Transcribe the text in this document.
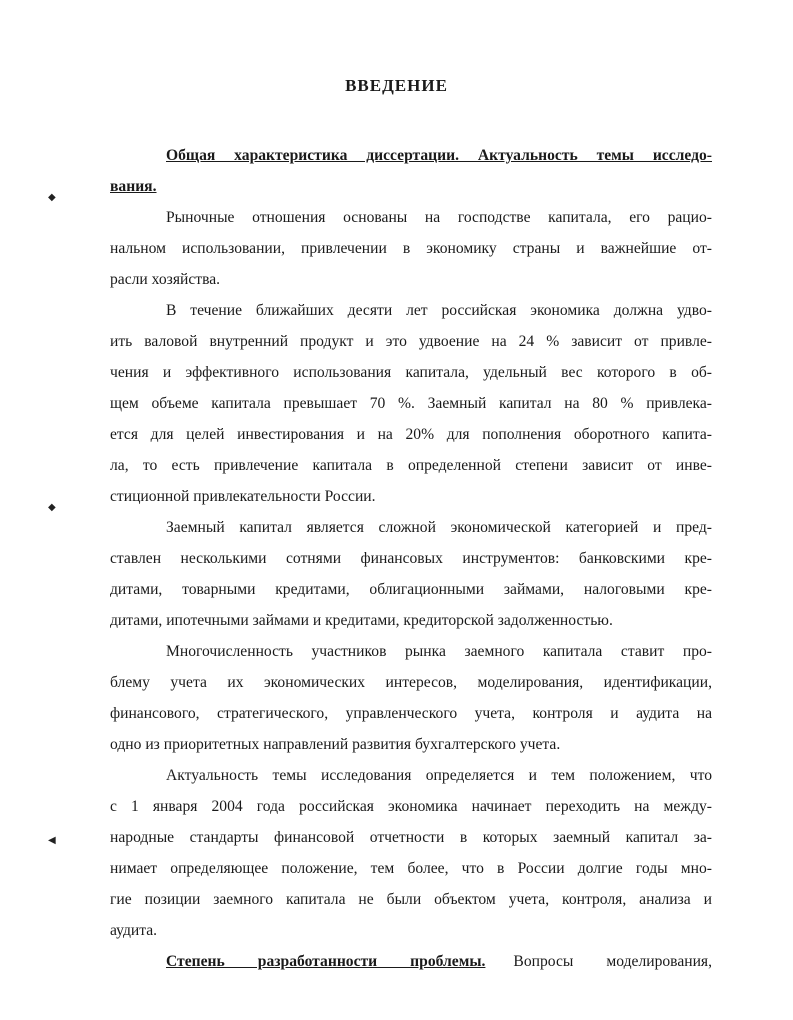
ВВЕДЕНИЕ
◆
◆
◀
Общая характеристика диссертации. Актуальность темы исследо-
вания.
Рыночные отношения основаны на господстве капитала, его рацио-
нальном использовании, привлечении в экономику страны и важнейшие от-
расли хозяйства.
В течение ближайших десяти лет российская экономика должна удво-
ить валовой внутренний продукт и это удвоение на 24 % зависит от привле-
чения и эффективного использования капитала, удельный вес которого в об-
щем объеме капитала превышает 70 %. Заемный капитал на 80 % привлека-
ется для целей инвестирования и на 20% для пополнения оборотного капита-
ла, то есть привлечение капитала в определенной степени зависит от инве-
стиционной привлекательности России.
Заемный капитал является сложной экономической категорией и пред-
ставлен несколькими сотнями финансовых инструментов: банковскими кре-
дитами, товарными кредитами, облигационными займами, налоговыми кре-
дитами, ипотечными займами и кредитами, кредиторской задолженностью.
Многочисленность участников рынка заемного капитала ставит про-
блему учета их экономических интересов, моделирования, идентификации,
финансового, стратегического, управленческого учета, контроля и аудита на
одно из приоритетных направлений развития бухгалтерского учета.
Актуальность темы исследования определяется и тем положением, что
с 1 января 2004 года российская экономика начинает переходить на между-
народные стандарты финансовой отчетности в которых заемный капитал за-
нимает определяющее положение, тем более, что в России долгие годы мно-
гие позиции заемного капитала не были объектом учета, контроля, анализа и
аудита.
Степень разработанности проблемы. Вопросы моделирования,
